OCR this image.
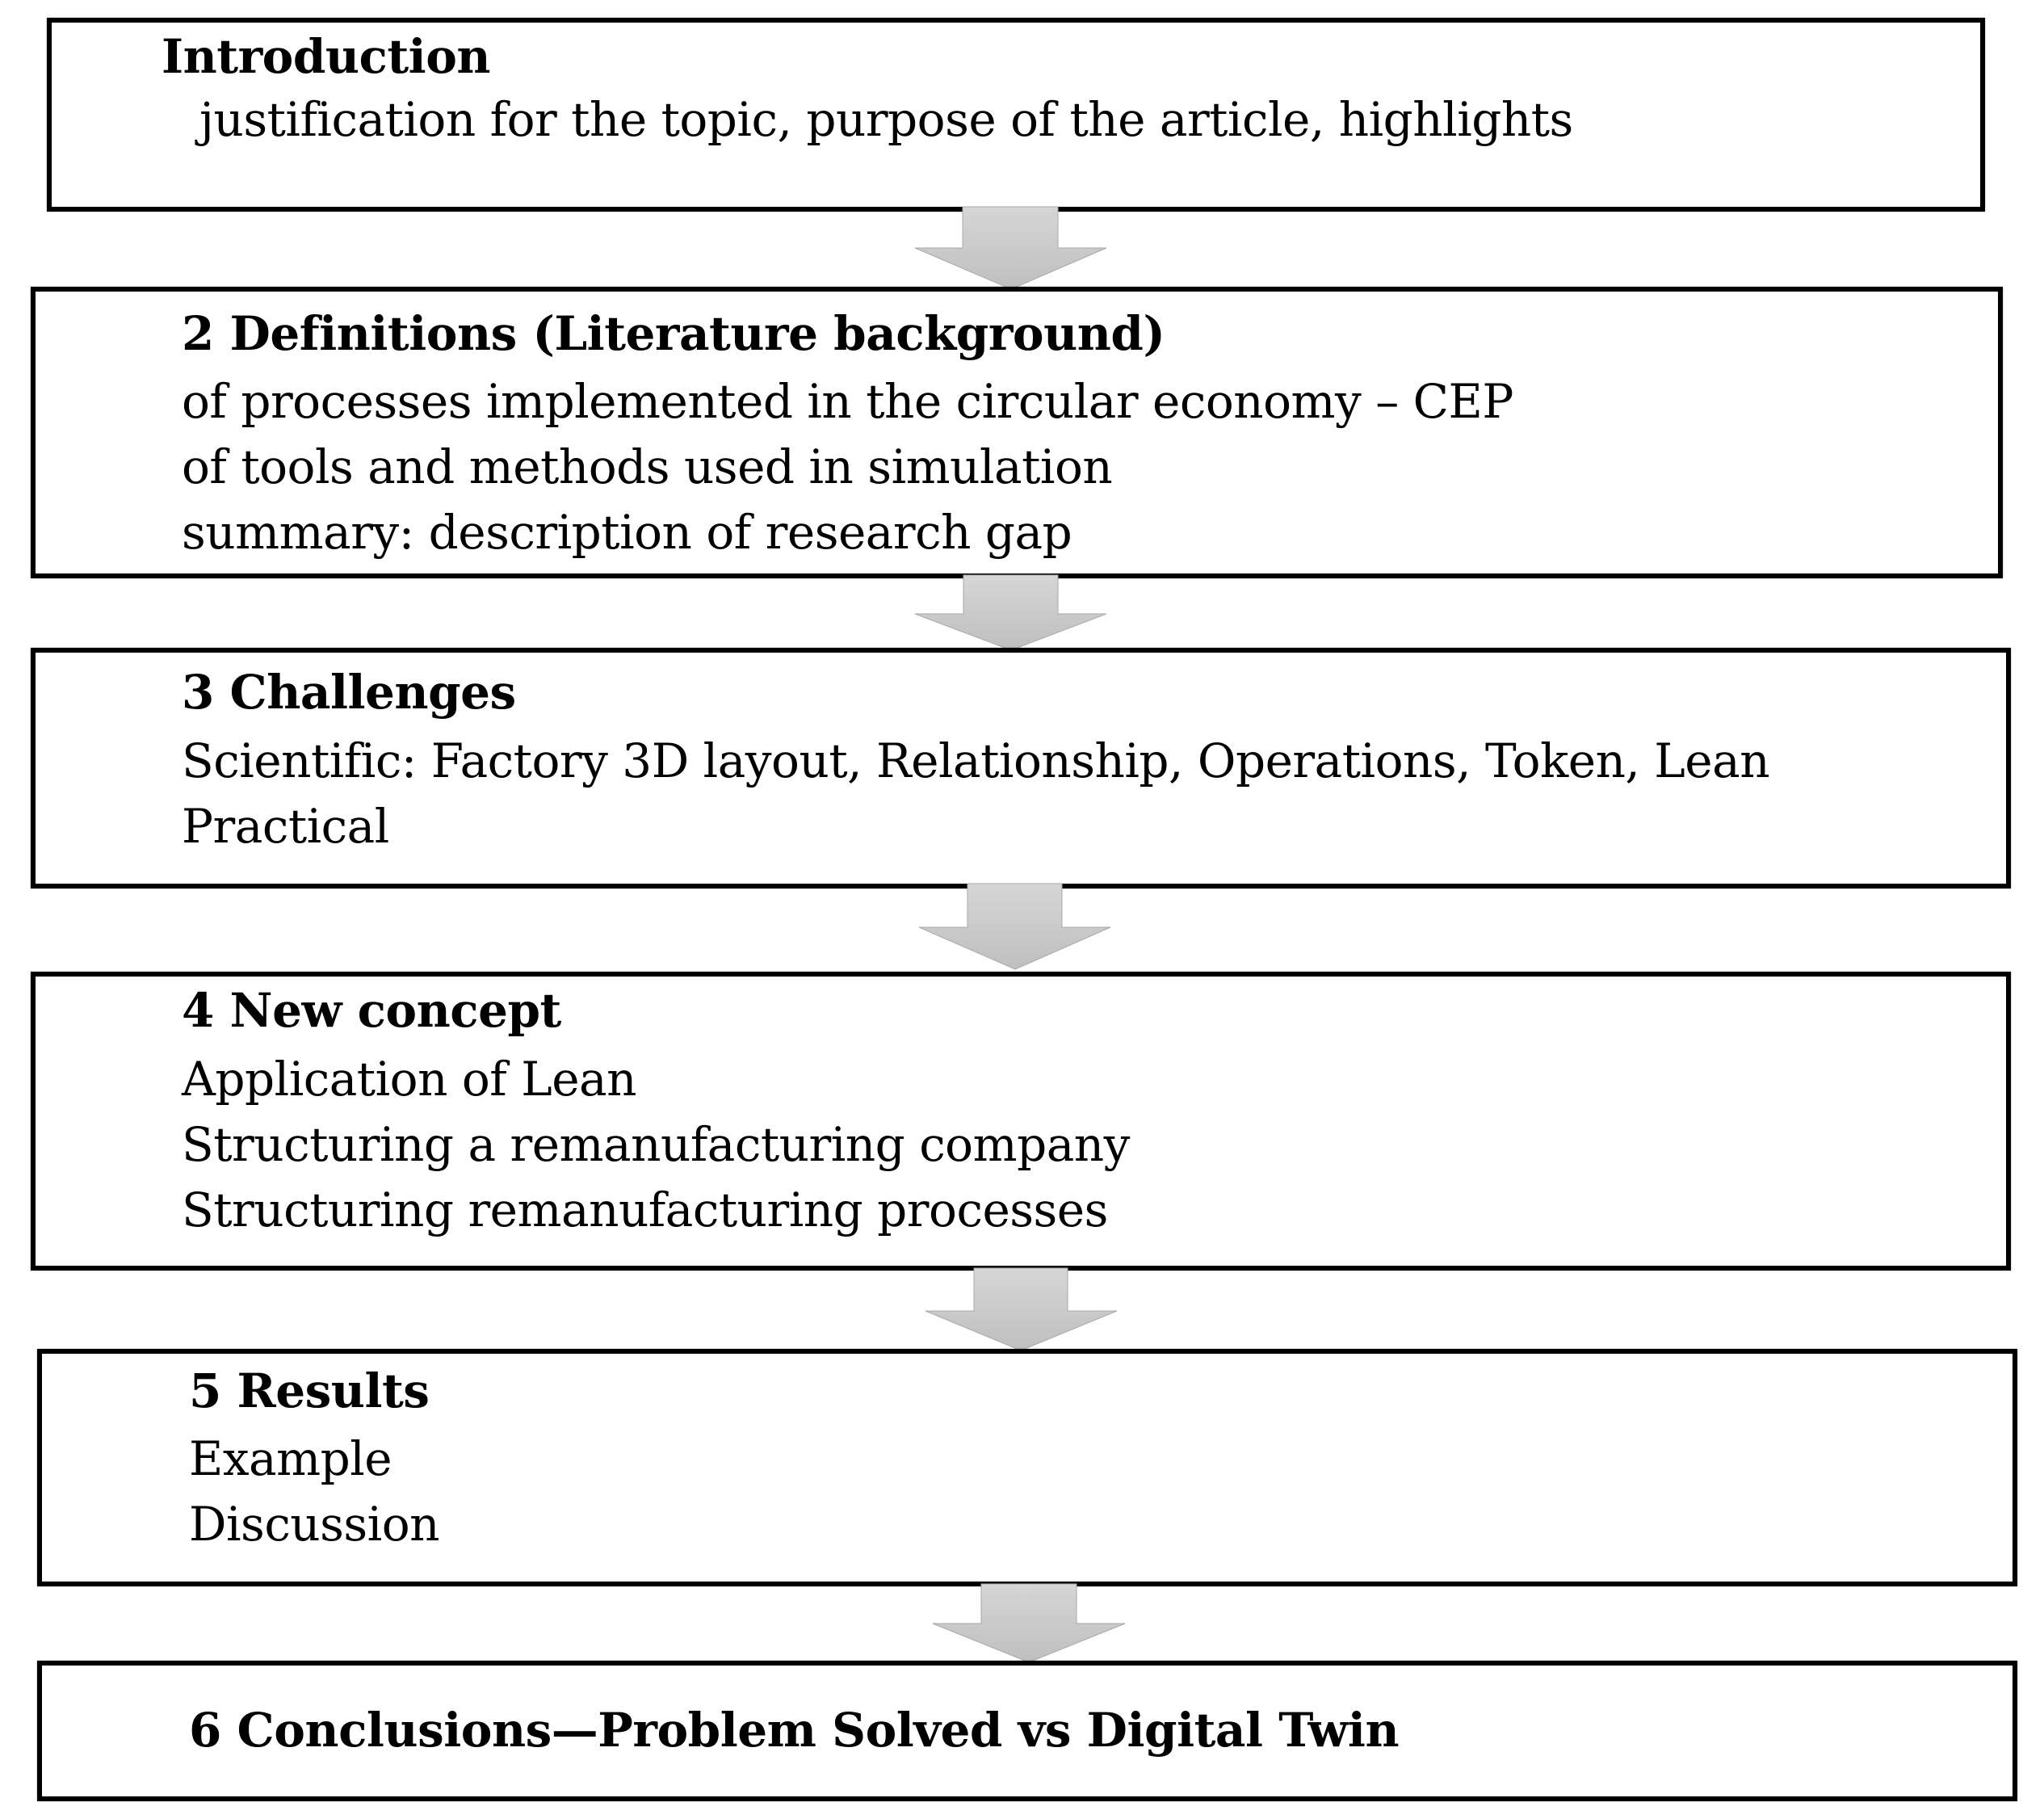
Introduction
justification for the topic, purpose of the article, highlights
2 Definitions (Literature background)
of processes implemented in the circular economy – CEP
of tools and methods used in simulation
summary: description of research gap
3 Challenges
Scientific: Factory 3D layout, Relationship, Operations, Token, Lean
Practical
4 New concept
Application of Lean
Structuring a remanufacturing company
Structuring remanufacturing processes
5 Results
Example
Discussion
6 Conclusions—Problem Solved vs Digital Twin
